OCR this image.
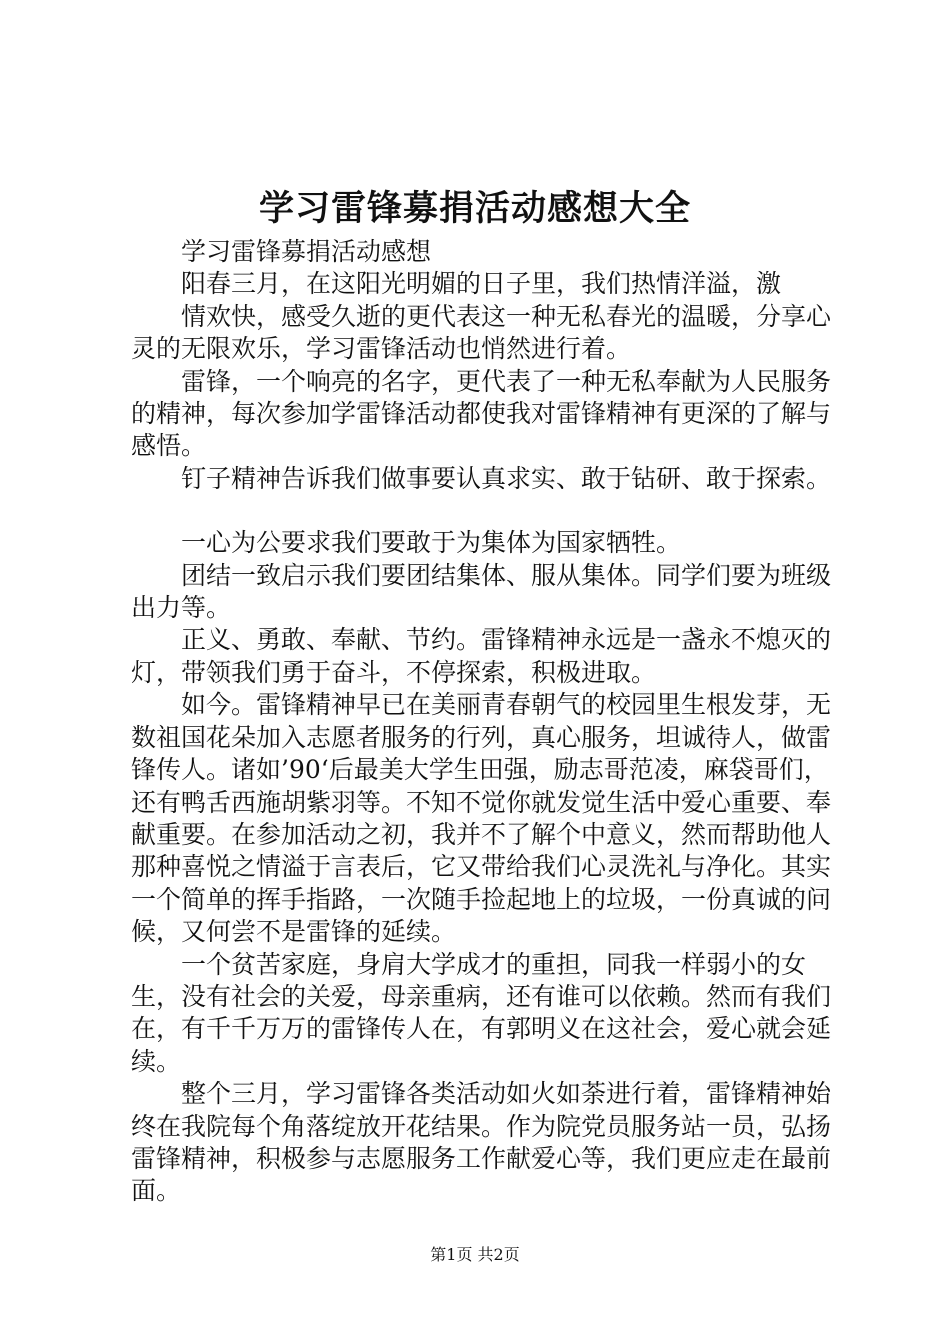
学习雷锋募捐活动感想大全

学习雷锋募捐活动感想

阳春三月，在这阳光明媚的日子里，我们热情洋溢，激

情欢快，感受久逝的更代表这一种无私春光的温暖，分享心灵的无限欢乐，学习雷锋活动也悄然进行着。

雷锋，一个响亮的名字，更代表了一种无私奉献为人民服务的精神，每次参加学雷锋活动都使我对雷锋精神有更深的了解与感悟。

钉子精神告诉我们做事要认真求实、敢于钻研、敢于探索。

一心为公要求我们要敢于为集体为国家牺牲。

团结一致启示我们要团结集体、服从集体。同学们要为班级出力等。

正义、勇敢、奉献、节约。雷锋精神永远是一盏永不熄灭的灯，带领我们勇于奋斗，不停探索，积极进取。

如今。雷锋精神早已在美丽青春朝气的校园里生根发芽，无数祖国花朵加入志愿者服务的行列，真心服务，坦诚待人，做雷锋传人。诸如’90‘后最美大学生田强，励志哥范凌，麻袋哥们，还有鸭舌西施胡紫羽等。不知不觉你就发觉生活中爱心重要、奉献重要。在参加活动之初，我并不了解个中意义，然而帮助他人那种喜悦之情溢于言表后，它又带给我们心灵洗礼与净化。其实一个简单的挥手指路，一次随手捡起地上的垃圾，一份真诚的问候，又何尝不是雷锋的延续。

一个贫苦家庭，身肩大学成才的重担，同我一样弱小的女生，没有社会的关爱，母亲重病，还有谁可以依赖。然而有我们在，有千千万万的雷锋传人在，有郭明义在这社会，爱心就会延续。

整个三月，学习雷锋各类活动如火如荼进行着，雷锋精神始终在我院每个角落绽放开花结果。作为院党员服务站一员，弘扬雷锋精神，积极参与志愿服务工作献爱心等，我们更应走在最前面。

第1页 共2页
